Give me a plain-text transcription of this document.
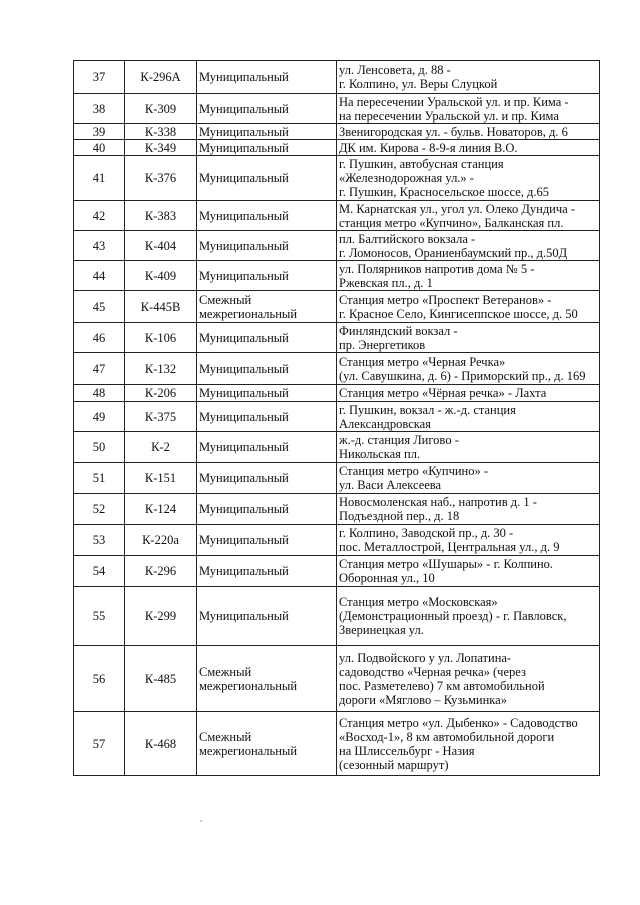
37	К-296А	Муниципальный	ул. Ленсовета, д. 88 -
г. Колпино, ул. Веры Слуцкой
38	К-309	Муниципальный	На пересечении Уральской ул. и пр. Кима -
на пересечении Уральской ул. и пр. Кима
39	К-338	Муниципальный	Звенигородская ул. - бульв. Новаторов, д. 6
40	К-349	Муниципальный	ДК им. Кирова - 8-9-я линия В.О.
41	К-376	Муниципальный	г. Пушкин, автобусная станция
«Железнодорожная ул.» -
г. Пушкин, Красносельское шоссе, д.65
42	К-383	Муниципальный	М. Карнатская ул., угол ул. Олеко Дундича -
станция метро «Купчино», Балканская пл.
43	К-404	Муниципальный	пл. Балтийского вокзала -
г. Ломоносов, Ораниенбаумский пр., д.50Д
44	К-409	Муниципальный	ул. Полярников напротив дома № 5 -
Ржевская пл., д. 1
45	К-445В	Смежный
межрегиональный	Станция метро «Проспект Ветеранов» -
г. Красное Село, Кингисеппское шоссе, д. 50
46	К-106	Муниципальный	Финляндский вокзал -
пр. Энергетиков
47	К-132	Муниципальный	Станция метро «Черная Речка»
(ул. Савушкина, д. 6) - Приморский пр., д. 169
48	К-206	Муниципальный	Станция метро «Чёрная речка» - Лахта
49	К-375	Муниципальный	г. Пушкин, вокзал - ж.-д. станция
Александровская
50	К-2	Муниципальный	ж.-д. станция Лиговo -
Никольская пл.
51	К-151	Муниципальный	Станция метро «Купчино» -
ул. Васи Алексеева
52	К-124	Муниципальный	Новосмоленская наб., напротив д. 1 -
Подъездной пер., д. 18
53	К-220а	Муниципальный	г. Колпино, Заводской пр., д. 30 -
пос. Металлострой, Центральная ул., д. 9
54	К-296	Муниципальный	Станция метро «Шушары» - г. Колпино.
Оборонная ул., 10
55	К-299	Муниципальный	Станция метро «Московская»
(Демонстрационный проезд) - г. Павловск,
Зверинецкая ул.
56	К-485	Смежный
межрегиональный	ул. Подвойского у ул. Лопатина-
садоводство «Черная речка» (через
пос. Разметелево) 7 км автомобильной
дороги «Мяглово – Кузьминка»
57	К-468	Смежный
межрегиональный	Станция метро «ул. Дыбенко» - Садоводство
«Восход-1», 8 км автомобильной дороги
на Шлиссельбург - Назия
(сезонный маршрут)
